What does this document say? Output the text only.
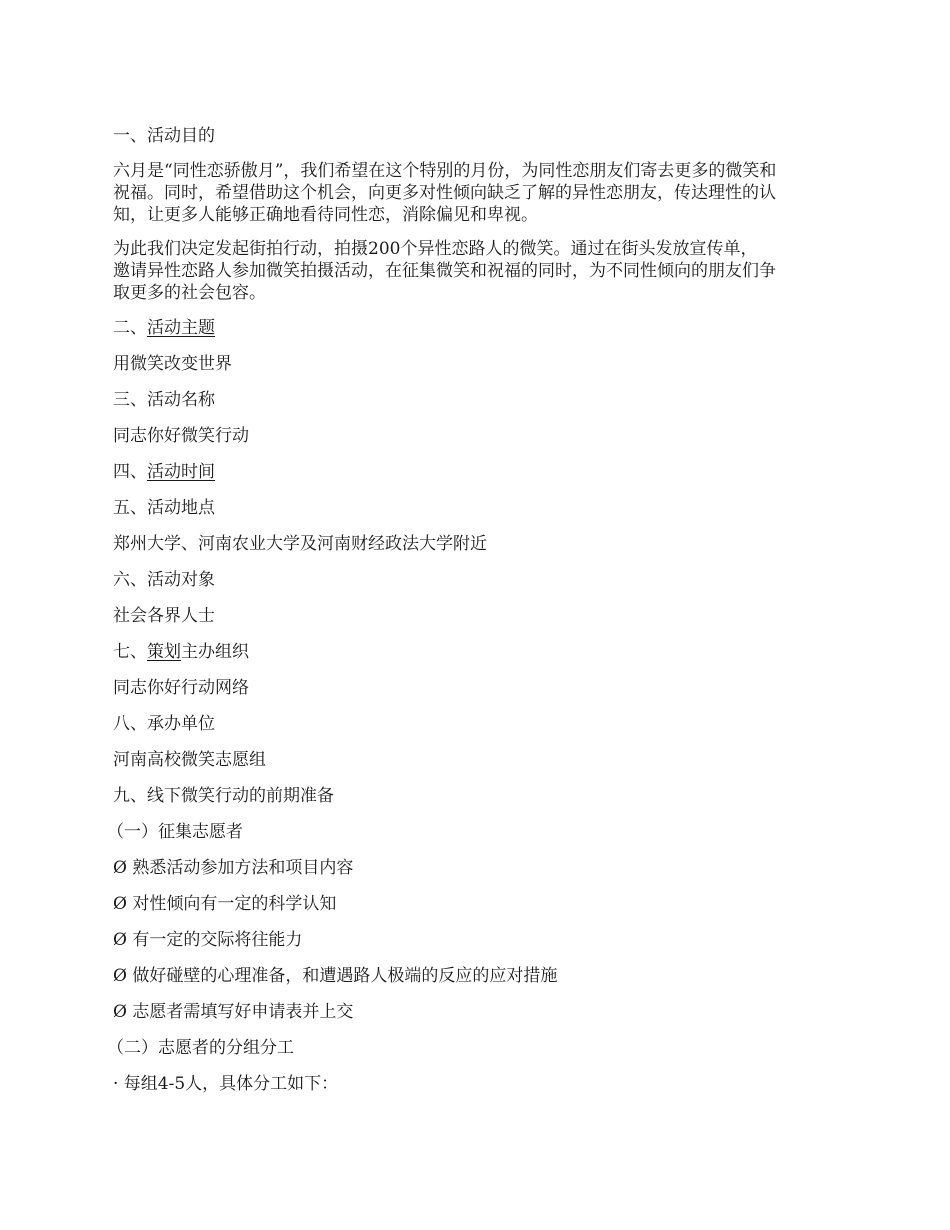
一、活动目的
六月是“同性恋骄傲月”，我们希望在这个特别的月份，为同性恋朋友们寄去更多的微笑和
祝福。同时，希望借助这个机会，向更多对性倾向缺乏了解的异性恋朋友，传达理性的认
知，让更多人能够正确地看待同性恋，消除偏见和卑视。
为此我们决定发起街拍行动，拍摄200个异性恋路人的微笑。通过在街头发放宣传单，
邀请异性恋路人参加微笑拍摄活动，在征集微笑和祝福的同时，为不同性倾向的朋友们争
取更多的社会包容。
二、活动主题
用微笑改变世界
三、活动名称
同志你好微笑行动
四、活动时间
五、活动地点
郑州大学、河南农业大学及河南财经政法大学附近
六、活动对象
社会各界人士
七、策划主办组织
同志你好行动网络
八、承办单位
河南高校微笑志愿组
九、线下微笑行动的前期准备
（一）征集志愿者
Ø 熟悉活动参加方法和项目内容
Ø 对性倾向有一定的科学认知
Ø 有一定的交际将往能力
Ø 做好碰壁的心理准备，和遭遇路人极端的反应的应对措施
Ø 志愿者需填写好申请表并上交
（二）志愿者的分组分工
· 每组4-5人，具体分工如下：
